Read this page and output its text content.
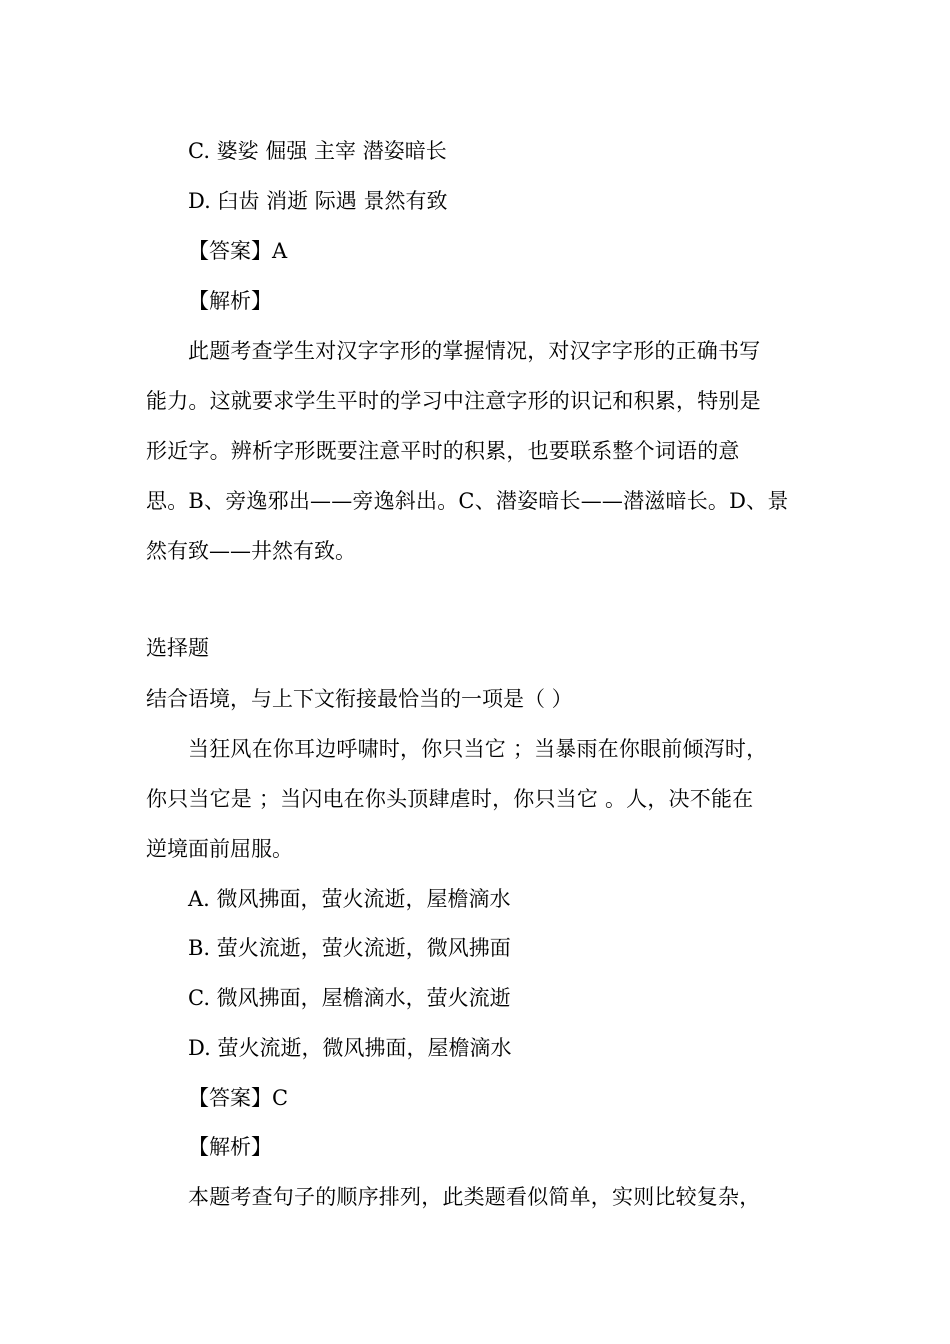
C. 婆娑 倔强 主宰 潜姿暗长
D. 臼齿 消逝 际遇 景然有致
【答案】A
【解析】
此题考查学生对汉字字形的掌握情况，对汉字字形的正确书写
能力。这就要求学生平时的学习中注意字形的识记和积累，特别是
形近字。辨析字形既要注意平时的积累，也要联系整个词语的意
思。B、旁逸邪出——旁逸斜出。C、潜姿暗长——潜滋暗长。D、景
然有致——井然有致。
选择题
结合语境，与上下文衔接最恰当的一项是（ ）
当狂风在你耳边呼啸时，你只当它 ；当暴雨在你眼前倾泻时，
你只当它是 ；当闪电在你头顶肆虐时，你只当它 。人，决不能在
逆境面前屈服。
A. 微风拂面，萤火流逝，屋檐滴水
B. 萤火流逝，萤火流逝，微风拂面
C. 微风拂面，屋檐滴水，萤火流逝
D. 萤火流逝，微风拂面，屋檐滴水
【答案】C
【解析】
本题考查句子的顺序排列，此类题看似简单，实则比较复杂，
